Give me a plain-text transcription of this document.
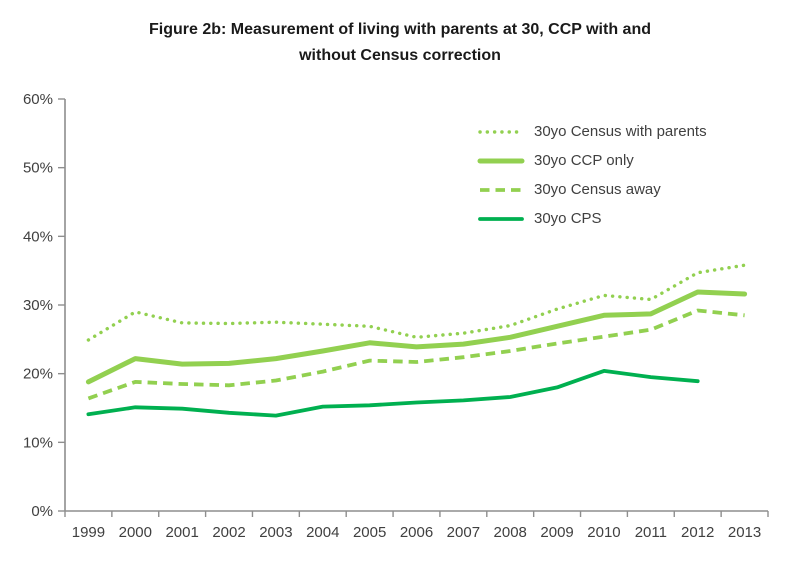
Figure 2b: Measurement of living with parents at 30, CCP with and
without Census correction
0%
10%
20%
30%
40%
50%
60%
1999 2000 2001 2002 2003 2004 2005 2006 2007 2008 2009 2010 2011 2012 2013
30yo Census with parents
30yo CCP only
30yo Census away
30yo CPS
